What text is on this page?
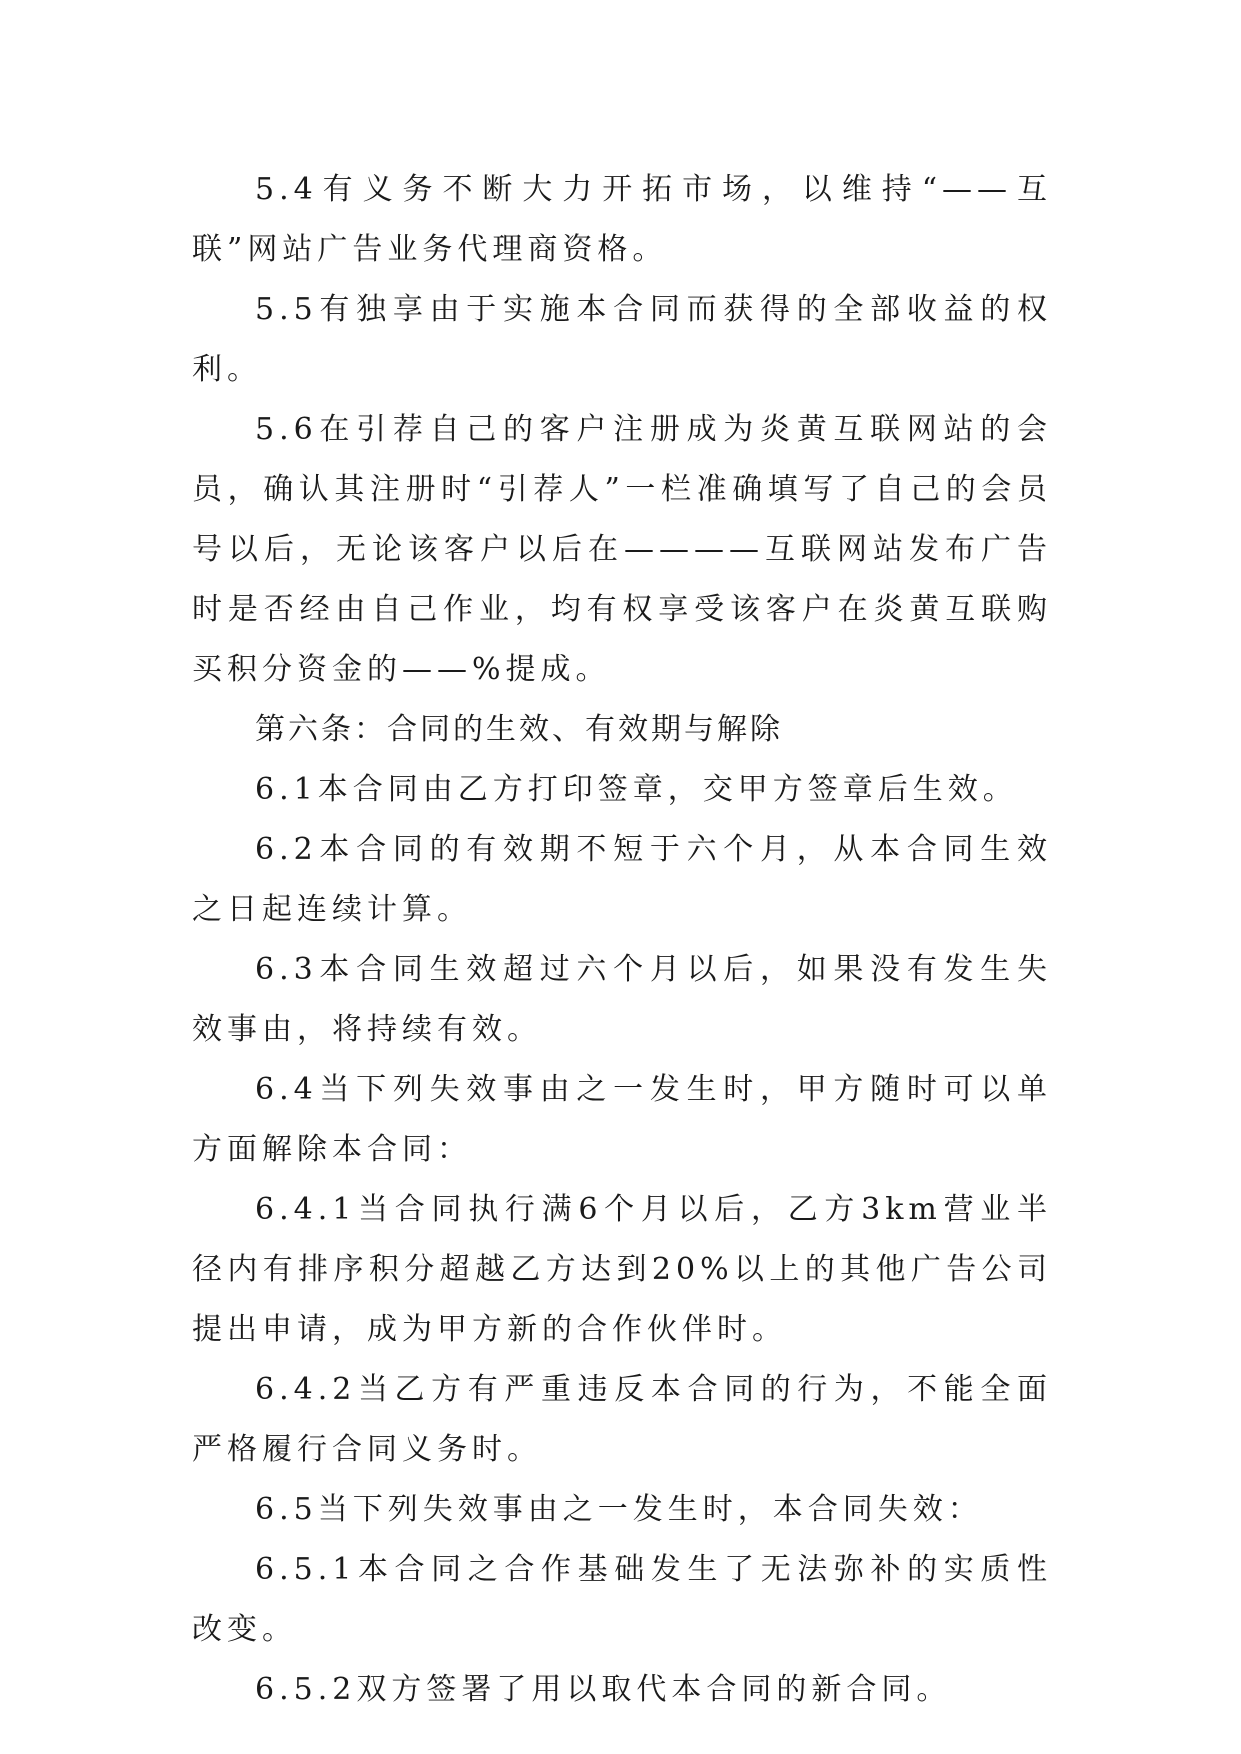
5.4有义务不断大力开拓市场，以维持“——互联”网站广告业务代理商资格。

5.5有独享由于实施本合同而获得的全部收益的权利。

5.6在引荐自己的客户注册成为炎黄互联网站的会员，确认其注册时“引荐人”一栏准确填写了自己的会员号以后，无论该客户以后在————互联网站发布广告时是否经由自己作业，均有权享受该客户在炎黄互联购买积分资金的——%提成。

第六条：合同的生效、有效期与解除

6.1本合同由乙方打印签章，交甲方签章后生效。

6.2本合同的有效期不短于六个月，从本合同生效之日起连续计算。

6.3本合同生效超过六个月以后，如果没有发生失效事由，将持续有效。

6.4当下列失效事由之一发生时，甲方随时可以单方面解除本合同：

6.4.1当合同执行满6个月以后，乙方3km营业半径内有排序积分超越乙方达到20%以上的其他广告公司提出申请，成为甲方新的合作伙伴时。

6.4.2当乙方有严重违反本合同的行为，不能全面严格履行合同义务时。

6.5当下列失效事由之一发生时，本合同失效：

6.5.1本合同之合作基础发生了无法弥补的实质性改变。

6.5.2双方签署了用以取代本合同的新合同。
